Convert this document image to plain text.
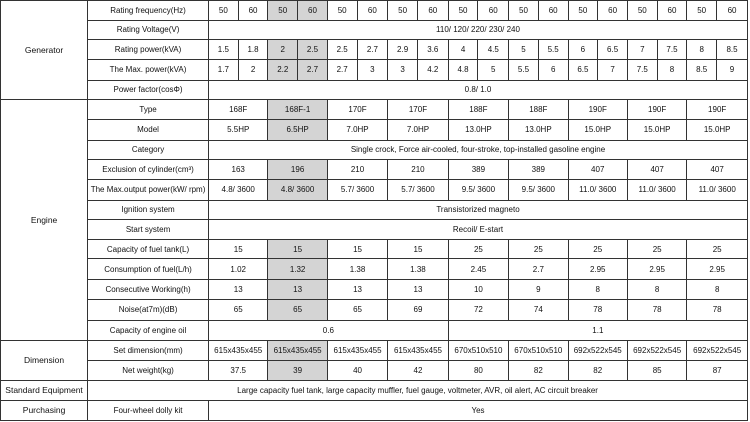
Generator	Rating frequency(Hz)	50	60	50	60	50	60	50	60	50	60	50	60	50	60	50	60	50	60
	Rating Voltage(V)	110/ 120/ 220/ 230/ 240																	
	Rating power(kVA)	1.5	1.8	2	2.5	2.5	2.7	2.9	3.6	4	4.5	5	5.5	6	6.5	7	7.5	8	8.5
	The Max. power(kVA)	1.7	2	2.2	2.7	2.7	3	3	4.2	4.8	5	5.5	6	6.5	7	7.5	8	8.5	9
	Power factor(cosΦ)	0.8/ 1.0																	
Engine	Type	168F		168F-1		170F		170F		188F		188F		190F		190F		190F	
	Model	5.5HP		6.5HP		7.0HP		7.0HP		13.0HP		13.0HP		15.0HP		15.0HP		15.0HP	
	Category	Single crock, Force air-cooled, four-stroke, top-installed gasoline engine																	
	Exclusion of cylinder(cm³)	163		196		210		210		389		389		407		407		407	
	The Max.output power(kW/ rpm)	4.8/ 3600		4.8/ 3600		5.7/ 3600		5.7/ 3600		9.5/ 3600		9.5/ 3600		11.0/ 3600		11.0/ 3600		11.0/ 3600	
	Ignition system	Transistorized magneto																	
	Start system	Recoil/ E-start																	
	Capacity of fuel tank(L)	15		15		15		15		25		25		25		25		25	
	Consumption of fuel(L/h)	1.02		1.32		1.38		1.38		2.45		2.7		2.95		2.95		2.95	
	Consecutive Working(h)	13		13		13		13		10		9		8		8		8	
	Noise(at7m)(dB)	65		65		65		69		72		74		78		78		78	
	Capacity of engine oil	0.6								1.1									
Dimension	Set dimension(mm)	615x435x455		615x435x455		615x435x455		615x435x455		670x510x510		670x510x510		692x522x545		692x522x545		692x522x545	
	Net weight(kg)	37.5		39		40		42		80		82		82		85		87	
Standard Equipment	Large capacity fuel tank, large capacity muffler, fuel gauge, voltmeter, AVR, oil alert, AC circuit breaker																		
Purchasing	Four-wheel dolly kit	Yes																	
